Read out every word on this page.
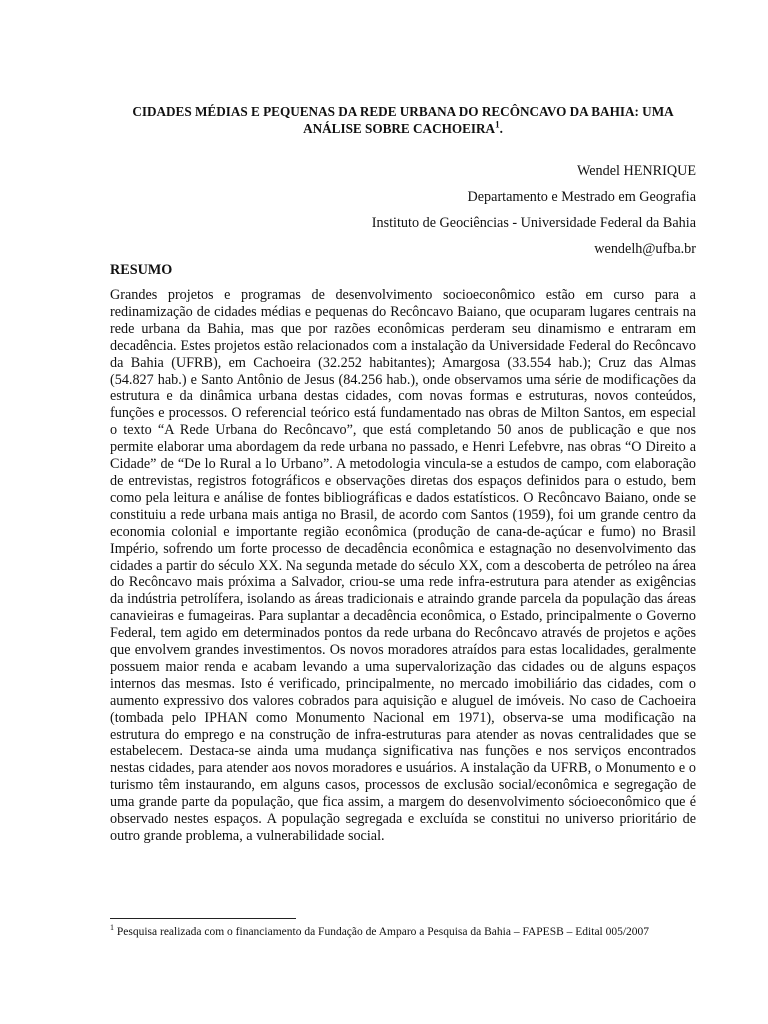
CIDADES MÉDIAS E PEQUENAS DA REDE URBANA DO RECÔNCAVO DA BAHIA: UMA ANÁLISE SOBRE CACHOEIRA$^1$.
Wendel HENRIQUE
Departamento e Mestrado em Geografia
Instituto de Geociências - Universidade Federal da Bahia
wendelh@ufba.br
RESUMO

Grandes projetos e programas de desenvolvimento socioeconômico estão em curso para a redinamização de cidades médias e pequenas do Recôncavo Baiano, que ocuparam lugares centrais na rede urbana da Bahia, mas que por razões econômicas perderam seu dinamismo e entraram em decadência. Estes projetos estão relacionados com a instalação da Universidade Federal do Recôncavo da Bahia (UFRB), em Cachoeira (32.252 habitantes); Amargosa (33.554 hab.); Cruz das Almas (54.827 hab.) e Santo Antônio de Jesus (84.256 hab.), onde observamos uma série de modificações da estrutura e da dinâmica urbana destas cidades, com novas formas e estruturas, novos conteúdos, funções e processos. O referencial teórico está fundamentado nas obras de Milton Santos, em especial o texto “A Rede Urbana do Recôncavo”, que está completando 50 anos de publicação e que nos permite elaborar uma abordagem da rede urbana no passado, e Henri Lefebvre, nas obras “O Direito a Cidade” de “De lo Rural a lo Urbano”. A metodologia vincula-se a estudos de campo, com elaboração de entrevistas, registros fotográficos e observações diretas dos espaços definidos para o estudo, bem como pela leitura e análise de fontes bibliográficas e dados estatísticos. O Recôncavo Baiano, onde se constituiu a rede urbana mais antiga no Brasil, de acordo com Santos (1959), foi um grande centro da economia colonial e importante região econômica (produção de cana-de-açúcar e fumo) no Brasil Império, sofrendo um forte processo de decadência econômica e estagnação no desenvolvimento das cidades a partir do século XX. Na segunda metade do século XX, com a descoberta de petróleo na área do Recôncavo mais próxima a Salvador, criou-se uma rede infra-estrutura para atender as exigências da indústria petrolífera, isolando as áreas tradicionais e atraindo grande parcela da população das áreas canavieiras e fumageiras. Para suplantar a decadência econômica, o Estado, principalmente o Governo Federal, tem agido em determinados pontos da rede urbana do Recôncavo através de projetos e ações que envolvem grandes investimentos. Os novos moradores atraídos para estas localidades, geralmente possuem maior renda e acabam levando a uma supervalorização das cidades ou de alguns espaços internos das mesmas. Isto é verificado, principalmente, no mercado imobiliário das cidades, com o aumento expressivo dos valores cobrados para aquisição e aluguel de imóveis. No caso de Cachoeira (tombada pelo IPHAN como Monumento Nacional em 1971), observa-se uma modificação na estrutura do emprego e na construção de infra-estruturas para atender as novas centralidades que se estabelecem. Destaca-se ainda uma mudança significativa nas funções e nos serviços encontrados nestas cidades, para atender aos novos moradores e usuários. A instalação da UFRB, o Monumento e o turismo têm instaurando, em alguns casos, processos de exclusão social/econômica e segregação de uma grande parte da população, que fica assim, a margem do desenvolvimento sócioeconômico que é observado nestes espaços. A população segregada e excluída se constitui no universo prioritário de outro grande problema, a vulnerabilidade social.

$^1$ Pesquisa realizada com o financiamento da Fundação de Amparo a Pesquisa da Bahia – FAPESB – Edital 005/2007
